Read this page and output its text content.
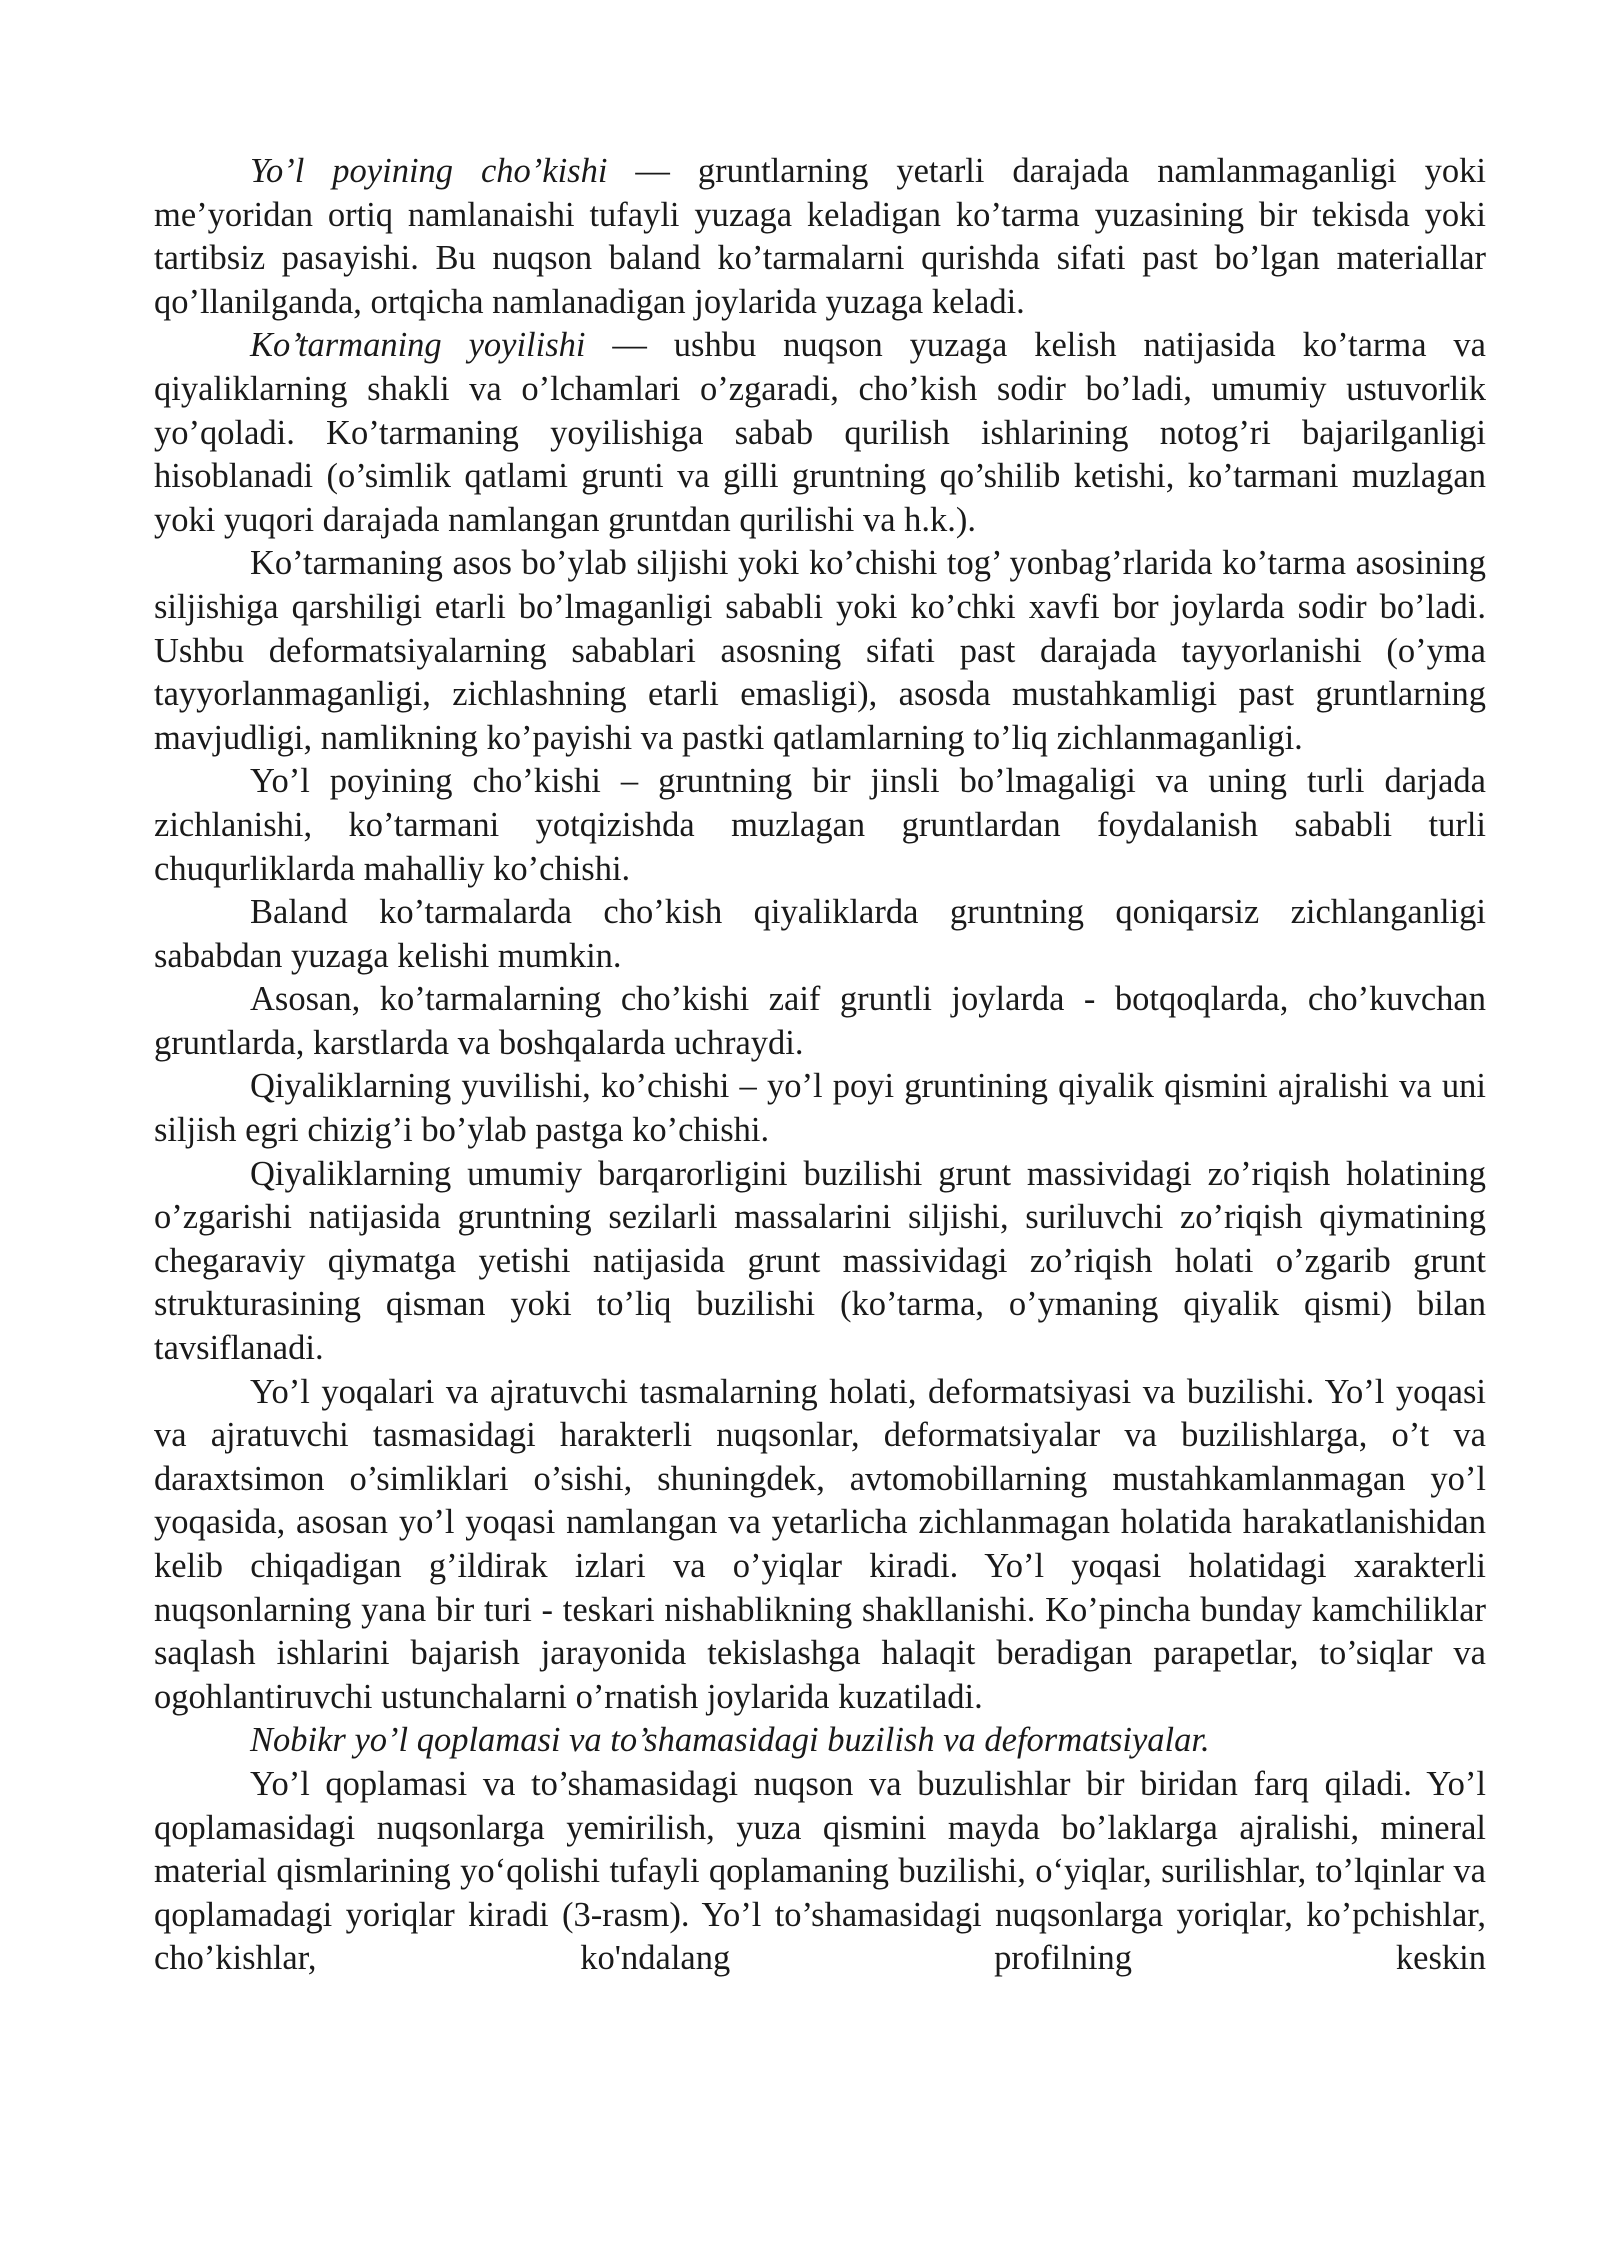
Yo’l poyining cho’kishi — gruntlarning yetarli darajada namlanmaganligi yoki me’yoridan ortiq namlanaishi tufayli yuzaga keladigan ko’tarma yuzasining bir tekisda yoki tartibsiz pasayishi. Bu nuqson baland ko’tarmalarni qurishda sifati past bo’lgan materiallar qo’llanilganda, ortqicha namlanadigan joylarida yuzaga keladi.

Ko’tarmaning yoyilishi — ushbu nuqson yuzaga kelish natijasida ko’tarma va qiyaliklarning shakli va o’lchamlari o’zgaradi, cho’kish sodir bo’ladi, umumiy ustuvorlik yo’qoladi. Ko’tarmaning yoyilishiga sabab qurilish ishlarining notog’ri bajarilganligi hisoblanadi (o’simlik qatlami grunti va gilli gruntning qo’shilib ketishi, ko’tarmani muzlagan yoki yuqori darajada namlangan gruntdan qurilishi va h.k.).

Ko’tarmaning asos bo’ylab siljishi yoki ko’chishi tog’ yonbag’rlarida ko’tarma asosining siljishiga qarshiligi etarli bo’lmaganligi sababli yoki ko’chki xavfi bor joylarda sodir bo’ladi. Ushbu deformatsiyalarning sabablari asosning sifati past darajada tayyorlanishi (o’yma tayyorlanmaganligi, zichlashning etarli emasligi), asosda mustahkamligi past gruntlarning mavjudligi, namlikning ko’payishi va pastki qatlamlarning to’liq zichlanmaganligi.

Yo’l poyining cho’kishi – gruntning bir jinsli bo’lmagaligi va uning turli darjada zichlanishi, ko’tarmani yotqizishda muzlagan gruntlardan foydalanish sababli turli chuqurliklarda mahalliy ko’chishi.

Baland ko’tarmalarda cho’kish qiyaliklarda gruntning qoniqarsiz zichlanganligi sababdan yuzaga kelishi mumkin.

Asosan, ko’tarmalarning cho’kishi zaif gruntli joylarda - botqoqlarda, cho’kuvchan gruntlarda, karstlarda va boshqalarda uchraydi.

Qiyaliklarning yuvilishi, ko’chishi – yo’l poyi gruntining qiyalik qismini ajralishi va uni siljish egri chizig’i bo’ylab pastga ko’chishi.

Qiyaliklarning umumiy barqarorligini buzilishi grunt massividagi zo’riqish holatining o’zgarishi natijasida gruntning sezilarli massalarini siljishi, suriluvchi zo’riqish qiymatining chegaraviy qiymatga yetishi natijasida grunt massividagi zo’riqish holati o’zgarib grunt strukturasining qisman yoki to’liq buzilishi (ko’tarma, o’ymaning qiyalik qismi) bilan tavsiflanadi.

Yo’l yoqalari va ajratuvchi tasmalarning holati, deformatsiyasi va buzilishi. Yo’l yoqasi va ajratuvchi tasmasidagi harakterli nuqsonlar, deformatsiyalar va buzilishlarga, o’t va daraxtsimon o’simliklari o’sishi, shuningdek, avtomobillarning mustahkamlanmagan yo’l yoqasida, asosan yo’l yoqasi namlangan va yetarlicha zichlanmagan holatida harakatlanishidan kelib chiqadigan g’ildirak izlari va o’yiqlar kiradi. Yo’l yoqasi holatidagi xarakterli nuqsonlarning yana bir turi - teskari nishablikning shakllanishi. Ko’pincha bunday kamchiliklar saqlash ishlarini bajarish jarayonida tekislashga halaqit beradigan parapetlar, to’siqlar va ogohlantiruvchi ustunchalarni o’rnatish joylarida kuzatiladi.

Nobikr yo’l qoplamasi va to’shamasidagi buzilish va deformatsiyalar.

Yo’l qoplamasi va to’shamasidagi nuqson va buzulishlar bir biridan farq qiladi. Yo’l qoplamasidagi nuqsonlarga yemirilish, yuza qismini mayda bo’laklarga ajralishi, mineral material qismlarining yo‘qolishi tufayli qoplamaning buzilishi, o‘yiqlar, surilishlar, to’lqinlar va qoplamadagi yoriqlar kiradi (3-rasm). Yo’l to’shamasidagi nuqsonlarga yoriqlar, ko’pchishlar, cho’kishlar, ko'ndalang profilning keskin
